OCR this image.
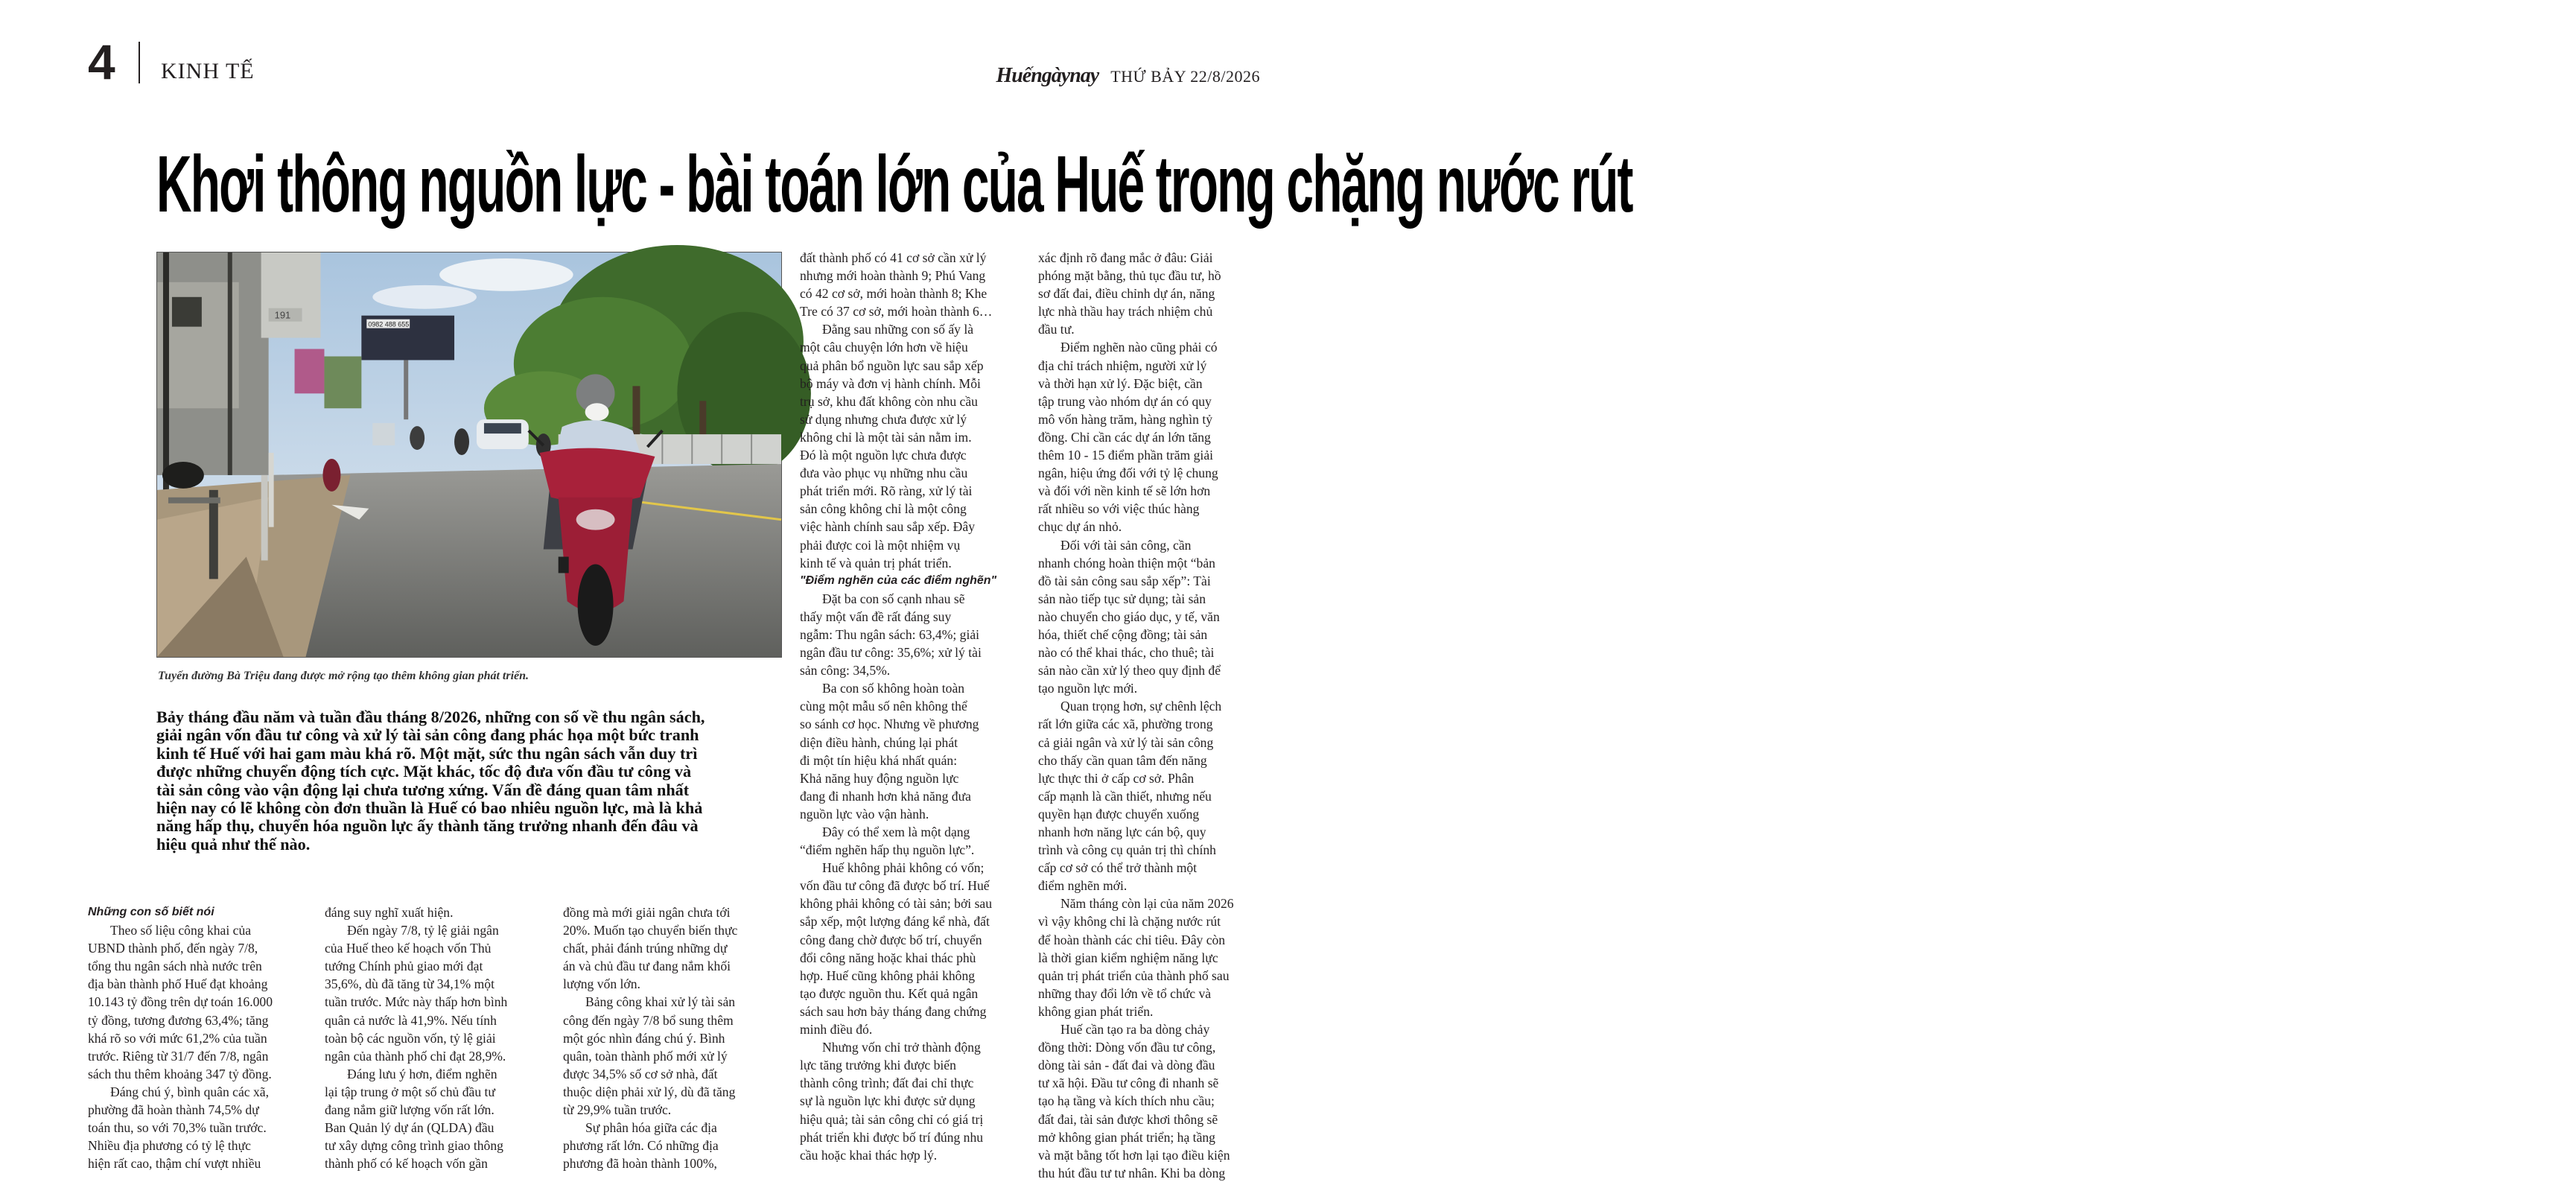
4 KINH TẾ	Huếngàynay THỨ BẢY 22/8/2026
Khơi thông nguồn lực - bài toán lớn của Huế trong chặng nước rút
0982 488 655
191
Tuyến đường Bà Triệu đang được mở rộng tạo thêm không gian phát triển.
Bảy tháng đầu năm và tuần đầu tháng 8/2026, những con số về thu ngân sách,
giải ngân vốn đầu tư công và xử lý tài sản công đang phác họa một bức tranh
kinh tế Huế với hai gam màu khá rõ. Một mặt, sức thu ngân sách vẫn duy trì
được những chuyển động tích cực. Mặt khác, tốc độ đưa vốn đầu tư công và
tài sản công vào vận động lại chưa tương xứng. Vấn đề đáng quan tâm nhất
hiện nay có lẽ không còn đơn thuần là Huế có bao nhiêu nguồn lực, mà là khả
năng hấp thụ, chuyển hóa nguồn lực ấy thành tăng trưởng nhanh đến đâu và
hiệu quả như thế nào.
Những con số biết nói
Theo số liệu công khai của
UBND thành phố, đến ngày 7/8,
tổng thu ngân sách nhà nước trên
địa bàn thành phố Huế đạt khoảng
10.143 tỷ đồng trên dự toán 16.000
tỷ đồng, tương đương 63,4%; tăng
khá rõ so với mức 61,2% của tuần
trước. Riêng từ 31/7 đến 7/8, ngân
sách thu thêm khoảng 347 tỷ đồng.
Đáng chú ý, bình quân các xã,
phường đã hoàn thành 74,5% dự
toán thu, so với 70,3% tuần trước.
Nhiều địa phương có tỷ lệ thực
hiện rất cao, thậm chí vượt nhiều
đáng suy nghĩ xuất hiện.
Đến ngày 7/8, tỷ lệ giải ngân
của Huế theo kế hoạch vốn Thủ
tướng Chính phủ giao mới đạt
35,6%, dù đã tăng từ 34,1% một
tuần trước. Mức này thấp hơn bình
quân cả nước là 41,9%. Nếu tính
toàn bộ các nguồn vốn, tỷ lệ giải
ngân của thành phố chỉ đạt 28,9%.
Đáng lưu ý hơn, điểm nghẽn
lại tập trung ở một số chủ đầu tư
đang nắm giữ lượng vốn rất lớn.
Ban Quản lý dự án (QLDA) đầu
tư xây dựng công trình giao thông
thành phố có kế hoạch vốn gần
đồng mà mới giải ngân chưa tới
20%. Muốn tạo chuyển biến thực
chất, phải đánh trúng những dự
án và chủ đầu tư đang nắm khối
lượng vốn lớn.
Bảng công khai xử lý tài sản
công đến ngày 7/8 bổ sung thêm
một góc nhìn đáng chú ý. Bình
quân, toàn thành phố mới xử lý
được 34,5% số cơ sở nhà, đất
thuộc diện phải xử lý, dù đã tăng
từ 29,9% tuần trước.
Sự phân hóa giữa các địa
phương rất lớn. Có những địa
phương đã hoàn thành 100%,
đất thành phố có 41 cơ sở cần xử lý
nhưng mới hoàn thành 9; Phú Vang
có 42 cơ sở, mới hoàn thành 8; Khe
Tre có 37 cơ sở, mới hoàn thành 6…
Đằng sau những con số ấy là
một câu chuyện lớn hơn về hiệu
quả phân bổ nguồn lực sau sắp xếp
bộ máy và đơn vị hành chính. Mỗi
trụ sở, khu đất không còn nhu cầu
sử dụng nhưng chưa được xử lý
không chỉ là một tài sản nằm im.
Đó là một nguồn lực chưa được
đưa vào phục vụ những nhu cầu
phát triển mới. Rõ ràng, xử lý tài
sản công không chỉ là một công
việc hành chính sau sắp xếp. Đây
phải được coi là một nhiệm vụ
kinh tế và quản trị phát triển.
"Điểm nghẽn của các điểm nghẽn"
Đặt ba con số cạnh nhau sẽ
thấy một vấn đề rất đáng suy
ngẫm: Thu ngân sách: 63,4%; giải
ngân đầu tư công: 35,6%; xử lý tài
sản công: 34,5%.
Ba con số không hoàn toàn
cùng một mẫu số nên không thể
so sánh cơ học. Nhưng về phương
diện điều hành, chúng lại phát
đi một tín hiệu khá nhất quán:
Khả năng huy động nguồn lực
đang đi nhanh hơn khả năng đưa
nguồn lực vào vận hành.
Đây có thể xem là một dạng
“điểm nghẽn hấp thụ nguồn lực”.
Huế không phải không có vốn;
vốn đầu tư công đã được bố trí. Huế
không phải không có tài sản; bởi sau
sắp xếp, một lượng đáng kể nhà, đất
công đang chờ được bố trí, chuyển
đổi công năng hoặc khai thác phù
hợp. Huế cũng không phải không
tạo được nguồn thu. Kết quả ngân
sách sau hơn bảy tháng đang chứng
minh điều đó.
Nhưng vốn chỉ trở thành động
lực tăng trưởng khi được biến
thành công trình; đất đai chỉ thực
sự là nguồn lực khi được sử dụng
hiệu quả; tài sản công chỉ có giá trị
phát triển khi được bố trí đúng nhu
cầu hoặc khai thác hợp lý.
xác định rõ đang mắc ở đâu: Giải
phóng mặt bằng, thủ tục đầu tư, hồ
sơ đất đai, điều chỉnh dự án, năng
lực nhà thầu hay trách nhiệm chủ
đầu tư.
Điểm nghẽn nào cũng phải có
địa chỉ trách nhiệm, người xử lý
và thời hạn xử lý. Đặc biệt, cần
tập trung vào nhóm dự án có quy
mô vốn hàng trăm, hàng nghìn tỷ
đồng. Chỉ cần các dự án lớn tăng
thêm 10 - 15 điểm phần trăm giải
ngân, hiệu ứng đối với tỷ lệ chung
và đối với nền kinh tế sẽ lớn hơn
rất nhiều so với việc thúc hàng
chục dự án nhỏ.
Đối với tài sản công, cần
nhanh chóng hoàn thiện một “bản
đồ tài sản công sau sắp xếp”: Tài
sản nào tiếp tục sử dụng; tài sản
nào chuyển cho giáo dục, y tế, văn
hóa, thiết chế cộng đồng; tài sản
nào có thể khai thác, cho thuê; tài
sản nào cần xử lý theo quy định để
tạo nguồn lực mới.
Quan trọng hơn, sự chênh lệch
rất lớn giữa các xã, phường trong
cả giải ngân và xử lý tài sản công
cho thấy cần quan tâm đến năng
lực thực thi ở cấp cơ sở. Phân
cấp mạnh là cần thiết, nhưng nếu
quyền hạn được chuyển xuống
nhanh hơn năng lực cán bộ, quy
trình và công cụ quản trị thì chính
cấp cơ sở có thể trở thành một
điểm nghẽn mới.
Năm tháng còn lại của năm 2026
vì vậy không chỉ là chặng nước rút
để hoàn thành các chỉ tiêu. Đây còn
là thời gian kiểm nghiệm năng lực
quản trị phát triển của thành phố sau
những thay đổi lớn về tổ chức và
không gian phát triển.
Huế cần tạo ra ba dòng chảy
đồng thời: Dòng vốn đầu tư công,
dòng tài sản - đất đai và dòng đầu
tư xã hội. Đầu tư công đi nhanh sẽ
tạo hạ tầng và kích thích nhu cầu;
đất đai, tài sản được khơi thông sẽ
mở không gian phát triển; hạ tầng
và mặt bằng tốt hơn lại tạo điều kiện
thu hút đầu tư tư nhân. Khi ba dòng
